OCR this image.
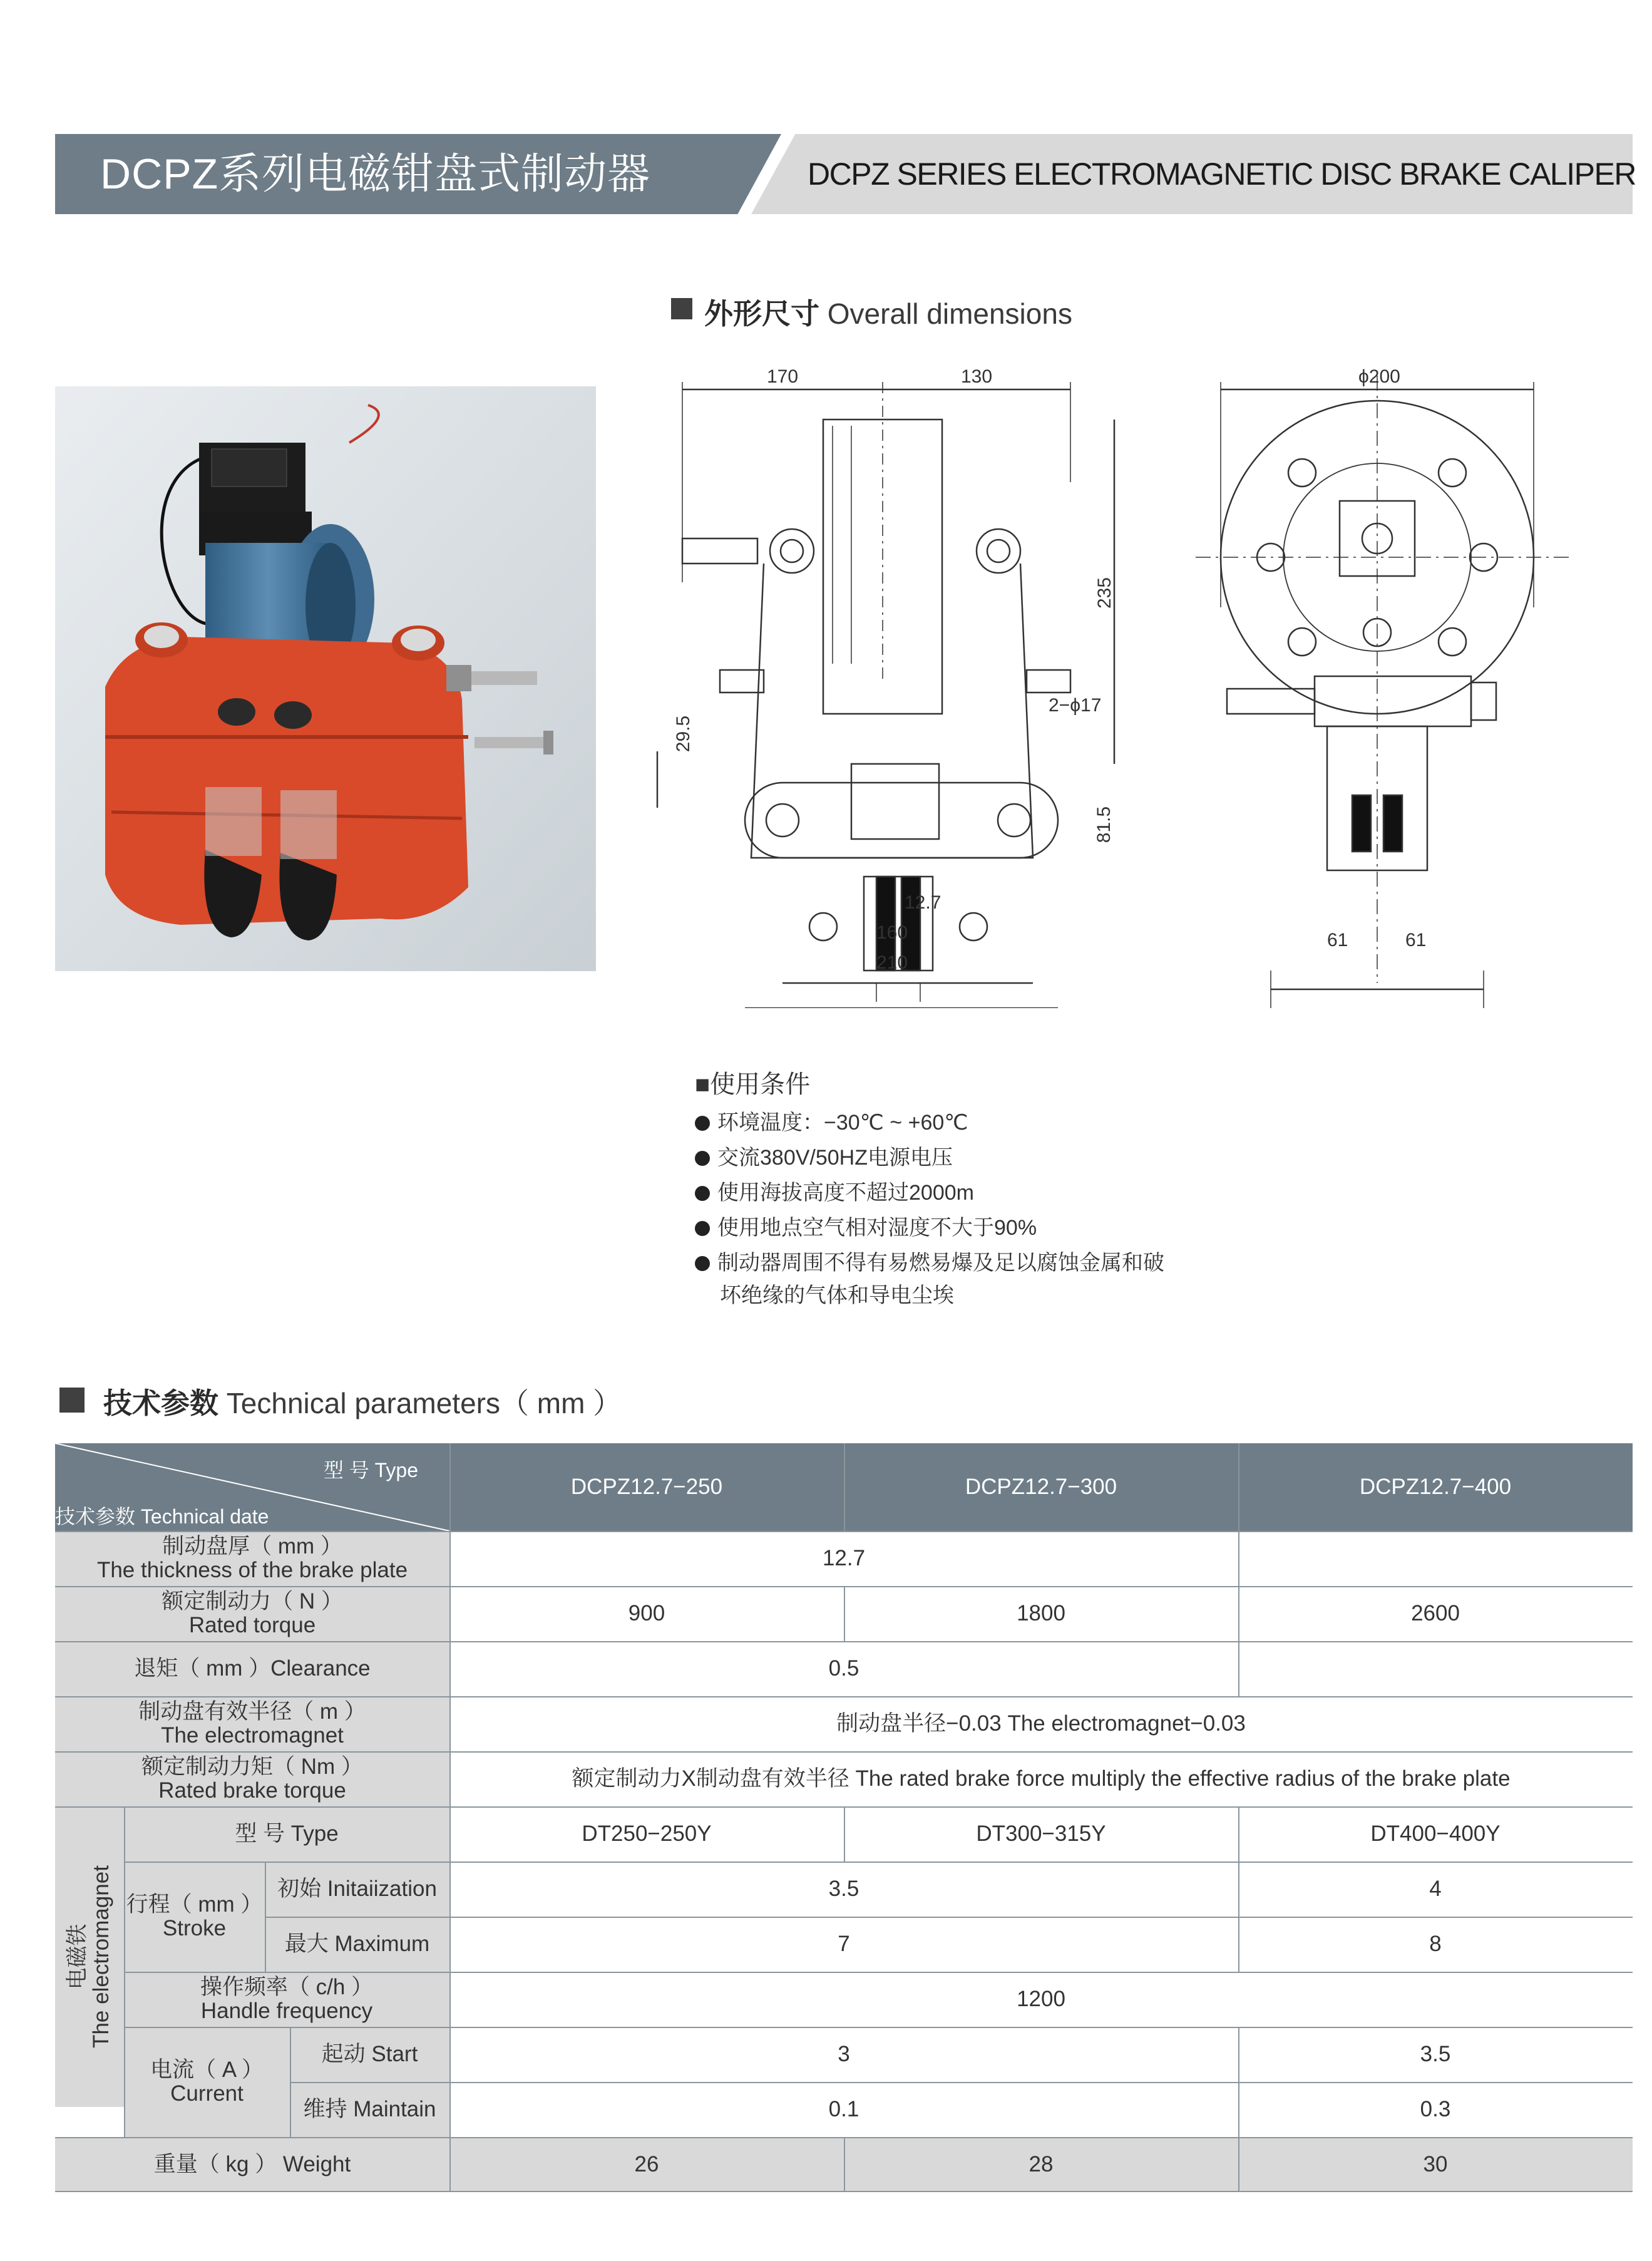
DCPZ系列电磁钳盘式制动器	DCPZ SERIES ELECTROMAGNETIC DISC BRAKE CALIPER
外形尺寸 Overall dimensions
170	130
235
29.5
2−ϕ17
81.5
12.7
160
210
ϕ200
61	61
■使用条件
环境温度：−30℃ ~ +60℃
交流380V/50HZ电源电压
使用海拔高度不超过2000m
使用地点空气相对湿度不大于90%
制动器周围不得有易燃易爆及足以腐蚀金属和破
坏绝缘的气体和导电尘埃
技术参数 Technical parameters（ mm ）
型 号 Type
技术参数 Technical date
DCPZ12.7−250	DCPZ12.7−300	DCPZ12.7−400
制动盘厚（ mm ）
The thickness of the brake plate	12.7
额定制动力（ N ）
Rated torque	900	1800	2600
退矩（ mm ）Clearance	0.5
制动盘有效半径（ m ）
The electromagnet	制动盘半径−0.03 The electromagnet−0.03
额定制动力矩（ Nm ）
Rated brake torque	额定制动力X制动盘有效半径 The rated brake force multiply the effective radius of the brake plate
电磁铁 The electromagnet
型 号 Type	DT250−250Y	DT300−315Y	DT400−400Y
行程（ mm ）
Stroke
初始 Initaiization	3.5	4
最大 Maximum	7	8
操作频率（ c/h ）
Handle frequency	1200
电流（ A ）
Current
起动 Start	3	3.5
维持 Maintain	0.1	0.3
重量（ kg ） Weight	26	28	30
